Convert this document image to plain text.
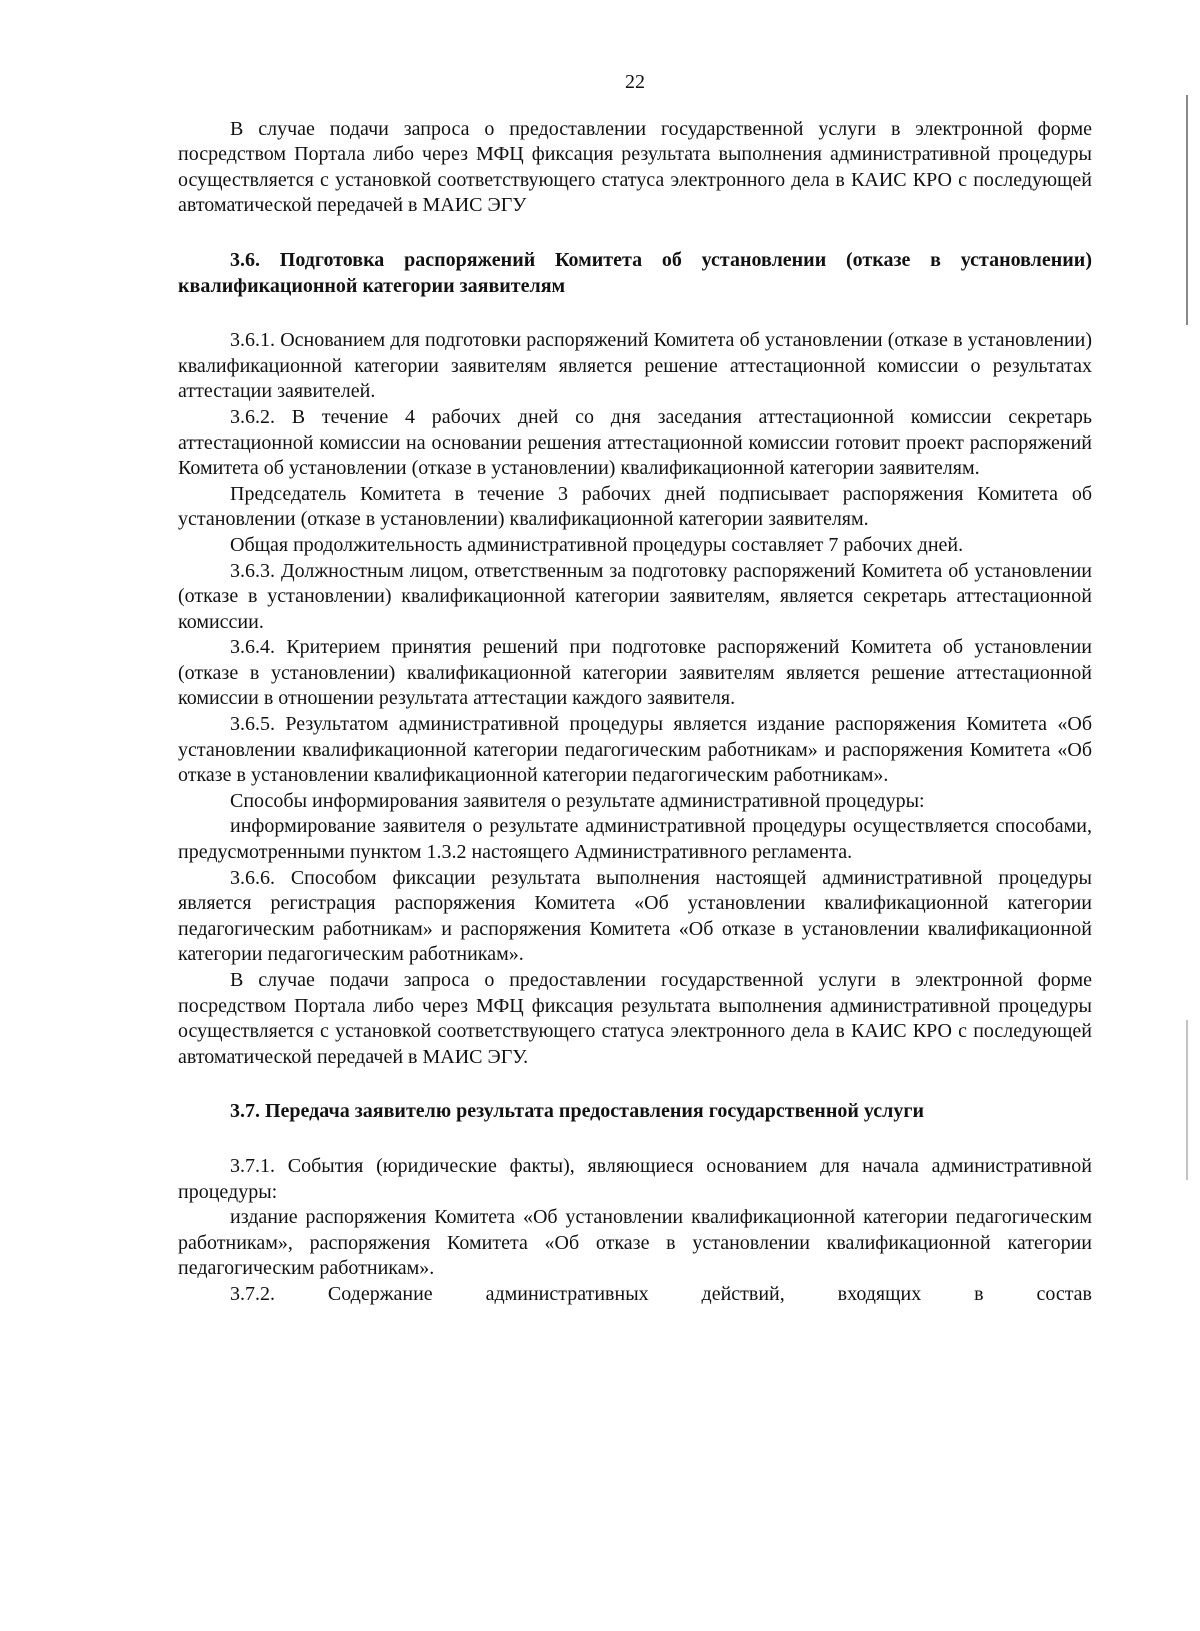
22

В случае подачи запроса о предоставлении государственной услуги в электронной форме посредством Портала либо через МФЦ фиксация результата выполнения административной процедуры осуществляется с установкой соответствующего статуса электронного дела в КАИС КРО с последующей автоматической передачей в МАИС ЭГУ

3.6. Подготовка распоряжений Комитета об установлении (отказе в установлении) квалификационной категории заявителям

3.6.1. Основанием для подготовки распоряжений Комитета об установлении (отказе в установлении) квалификационной категории заявителям является решение аттестационной комиссии о результатах аттестации заявителей.

3.6.2. В течение 4 рабочих дней со дня заседания аттестационной комиссии секретарь аттестационной комиссии на основании решения аттестационной комиссии готовит проект распоряжений Комитета об установлении (отказе в установлении) квалификационной категории заявителям.

Председатель Комитета в течение 3 рабочих дней подписывает распоряжения Комитета об установлении (отказе в установлении) квалификационной категории заявителям.

Общая продолжительность административной процедуры составляет 7 рабочих дней.

3.6.3. Должностным лицом, ответственным за подготовку распоряжений Комитета об установлении (отказе в установлении) квалификационной категории заявителям, является секретарь аттестационной комиссии.

3.6.4. Критерием принятия решений при подготовке распоряжений Комитета об установлении (отказе в установлении) квалификационной категории заявителям является решение аттестационной комиссии в отношении результата аттестации каждого заявителя.

3.6.5. Результатом административной процедуры является издание распоряжения Комитета «Об установлении квалификационной категории педагогическим работникам» и распоряжения Комитета «Об отказе в установлении квалификационной категории педагогическим работникам».

Способы информирования заявителя о результате административной процедуры:

информирование заявителя о результате административной процедуры осуществляется способами, предусмотренными пунктом 1.3.2 настоящего Административного регламента.

3.6.6. Способом фиксации результата выполнения настоящей административной процедуры является регистрация распоряжения Комитета «Об установлении квалификационной категории педагогическим работникам» и распоряжения Комитета «Об отказе в установлении квалификационной категории педагогическим работникам».

В случае подачи запроса о предоставлении государственной услуги в электронной форме посредством Портала либо через МФЦ фиксация результата выполнения административной процедуры осуществляется с установкой соответствующего статуса электронного дела в КАИС КРО с последующей автоматической передачей в МАИС ЭГУ.

3.7. Передача заявителю результата предоставления государственной услуги

3.7.1. События (юридические факты), являющиеся основанием для начала административной процедуры:

издание распоряжения Комитета «Об установлении квалификационной категории педагогическим работникам», распоряжения Комитета «Об отказе в установлении квалификационной категории педагогическим работникам».

3.7.2. Содержание административных действий, входящих в состав
